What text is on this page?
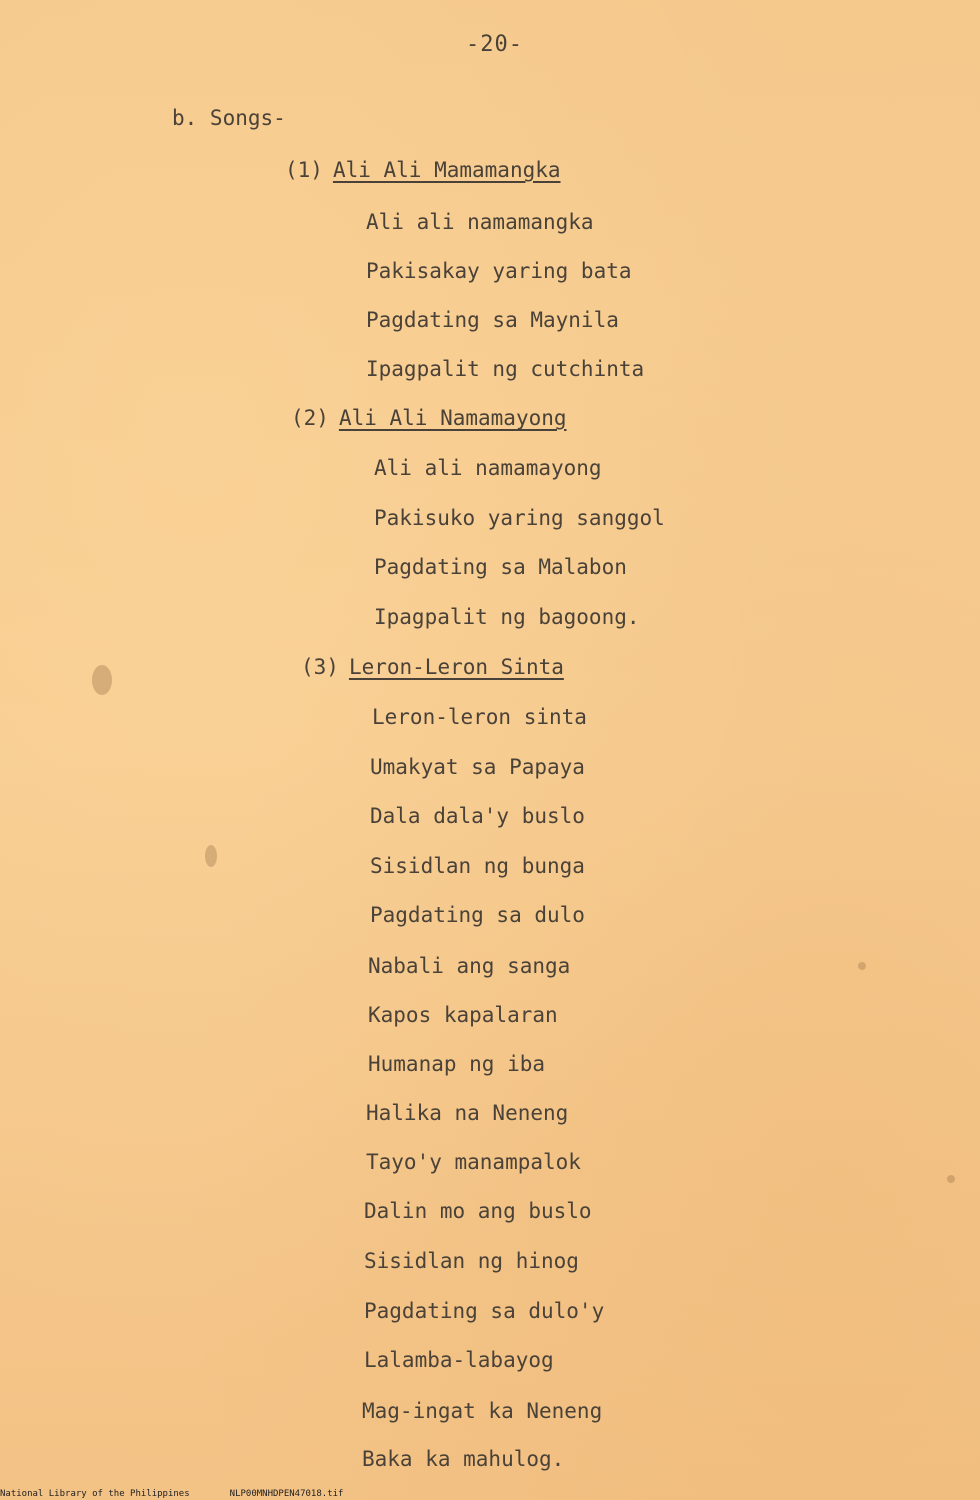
-20-
b. Songs-
(1) Ali Ali Mamamangka
Ali ali namamangka
Pakisakay yaring bata
Pagdating sa Maynila
Ipagpalit ng cutchinta
(2) Ali Ali Namamayong
Ali ali namamayong
Pakisuko yaring sanggol
Pagdating sa Malabon
Ipagpalit ng bagoong.
(3) Leron-Leron Sinta
Leron-leron sinta
Umakyat sa Papaya
Dala dala'y buslo
Sisidlan ng bunga
Pagdating sa dulo
Nabali ang sanga
Kapos kapalaran
Humanap ng iba
Halika na Neneng
Tayo'y manampalok
Dalin mo ang buslo
Sisidlan ng hinog
Pagdating sa dulo'y
Lalamba-labayog
Mag-ingat ka Neneng
Baka ka mahulog.
National Library of the Philippines	NLP00MNHDPEN47018.tif
